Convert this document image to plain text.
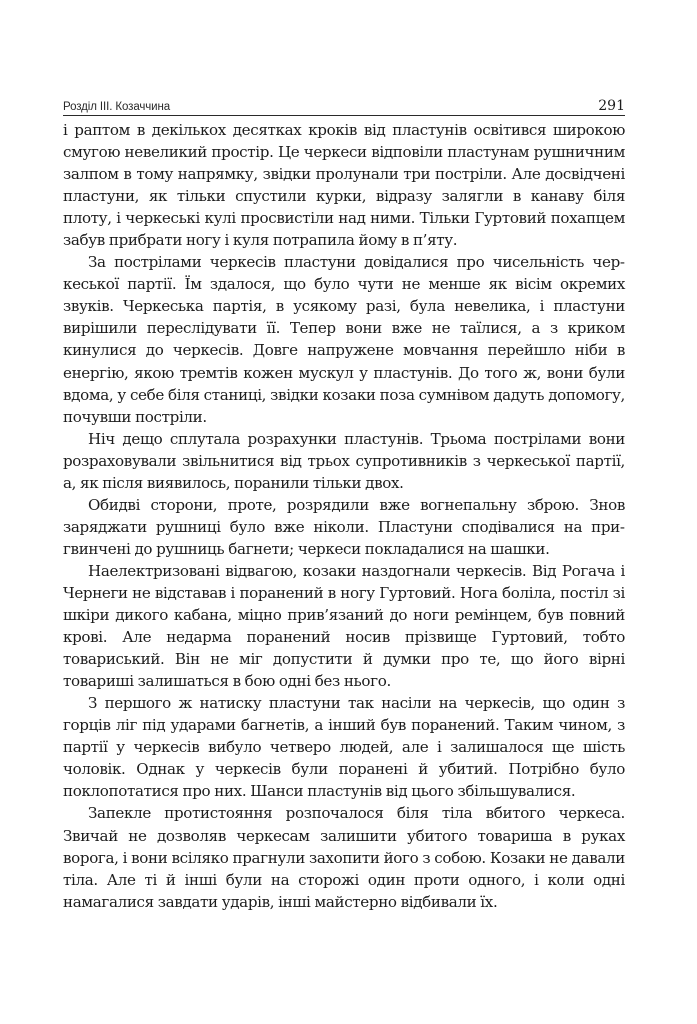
Розділ ІІІ. Козаччина	291

і раптом в декількох десятках кроків від пластунів освітився широкою смугою невеликий простір. Це черкеси відповіли пластунам рушничним залпом в тому напрямку, звідки пролунали три постріли. Але досвідчені пластуни, як тільки спустили курки, відразу залягли в канаву біля плоту, і черкеські кулі просвистіли над ними. Тільки Гуртовий похапцем забув прибрати ногу і куля потрапила йому в п’яту.

За пострілами черкесів пластуни довідалися про чисельність черкеської партії. Їм здалося, що було чути не менше як вісім окремих звуків. Черкеська партія, в усякому разі, була невелика, і пластуни вирішили переслідувати її. Тепер вони вже не таїлися, а з криком кинулися до черкесів. Довге напружене мовчання перейшло ніби в енергію, якою тремтів кожен мускул у пластунів. До того ж, вони були вдома, у себе біля станиці, звідки козаки поза сумнівом дадуть допомогу, почувши постріли.

Ніч дещо сплутала розрахунки пластунів. Трьома пострілами вони розраховували звільнитися від трьох супротивників з черкеської партії, а, як після виявилось, поранили тільки двох.

Обидві сторони, проте, розрядили вже вогнепальну зброю. Знов заряджати рушниці було вже ніколи. Пластуни сподівалися на пригвинчені до рушниць багнети; черкеси покладалися на шашки.

Наелектризовані відвагою, козаки наздогнали черкесів. Від Рогача і Чернеги не відставав і поранений в ногу Гуртовий. Нога боліла, постіл зі шкіри дикого кабана, міцно прив’язаний до ноги ремінцем, був повний крові. Але недарма поранений носив прізвище Гуртовий, тобто товариський. Він не міг допустити й думки про те, що його вірні товариші залишаться в бою одні без нього.

З першого ж натиску пластуни так насіли на черкесів, що один з горців ліг під ударами багнетів, а інший був поранений. Таким чином, з партії у черкесів вибуло четверо людей, але і залишалося ще шість чоловік. Однак у черкесів були поранені й убитий. Потрібно було поклопотатися про них. Шанси пластунів від цього збільшувалися.

Запекле протистояння розпочалося біля тіла вбитого черкеса. Звичай не дозволяв черкесам залишити убитого товариша в руках ворога, і вони всіляко прагнули захопити його з собою. Козаки не давали тіла. Але ті й інші були на сторожі один проти одного, і коли одні намагалися завдати ударів, інші майстерно відбивали їх.
